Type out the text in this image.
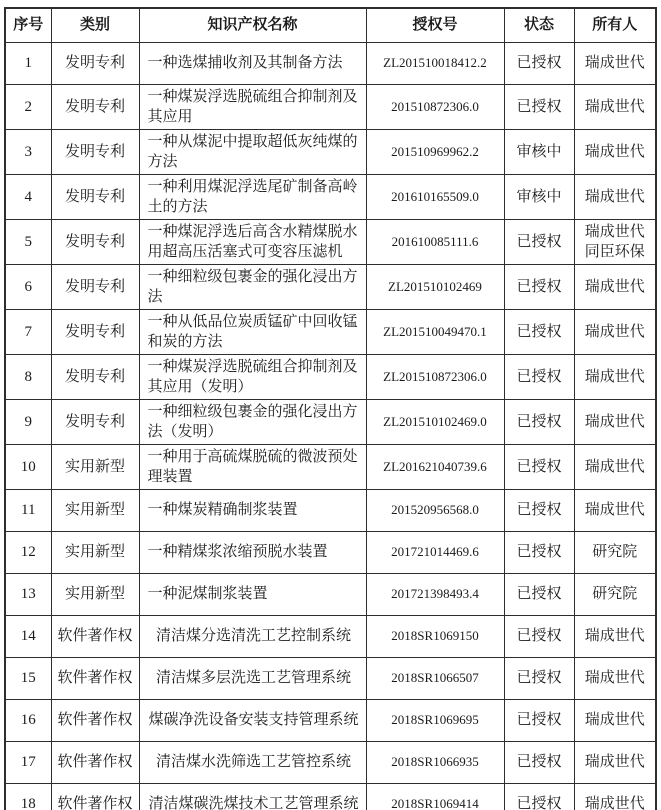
序号	类别	知识产权名称	授权号	状态	所有人
1	发明专利	一种选煤捕收剂及其制备方法	ZL201510018412.2	已授权	瑞成世代
2	发明专利	一种煤炭浮选脱硫组合抑制剂及其应用	201510872306.0	已授权	瑞成世代
3	发明专利	一种从煤泥中提取超低灰纯煤的方法	201510969962.2	审核中	瑞成世代
4	发明专利	一种利用煤泥浮选尾矿制备高岭土的方法	201610165509.0	审核中	瑞成世代
5	发明专利	一种煤泥浮选后高含水精煤脱水用超高压活塞式可变容压滤机	201610085111.6	已授权	瑞成世代同臣环保
6	发明专利	一种细粒级包裹金的强化浸出方法	ZL201510102469	已授权	瑞成世代
7	发明专利	一种从低品位炭质锰矿中回收锰和炭的方法	ZL201510049470.1	已授权	瑞成世代
8	发明专利	一种煤炭浮选脱硫组合抑制剂及其应用（发明）	ZL201510872306.0	已授权	瑞成世代
9	发明专利	一种细粒级包裹金的强化浸出方法（发明）	ZL201510102469.0	已授权	瑞成世代
10	实用新型	一种用于高硫煤脱硫的微波预处理装置	ZL201621040739.6	已授权	瑞成世代
11	实用新型	一种煤炭精确制浆装置	201520956568.0	已授权	瑞成世代
12	实用新型	一种精煤浆浓缩预脱水装置	201721014469.6	已授权	研究院
13	实用新型	一种泥煤制浆装置	201721398493.4	已授权	研究院
14	软件著作权	清洁煤分选清洗工艺控制系统	2018SR1069150	已授权	瑞成世代
15	软件著作权	清洁煤多层洗选工艺管理系统	2018SR1066507	已授权	瑞成世代
16	软件著作权	煤碳净洗设备安装支持管理系统	2018SR1069695	已授权	瑞成世代
17	软件著作权	清洁煤水洗筛选工艺管控系统	2018SR1066935	已授权	瑞成世代
18	软件著作权	清洁煤碳洗煤技术工艺管理系统	2018SR1069414	已授权	瑞成世代
